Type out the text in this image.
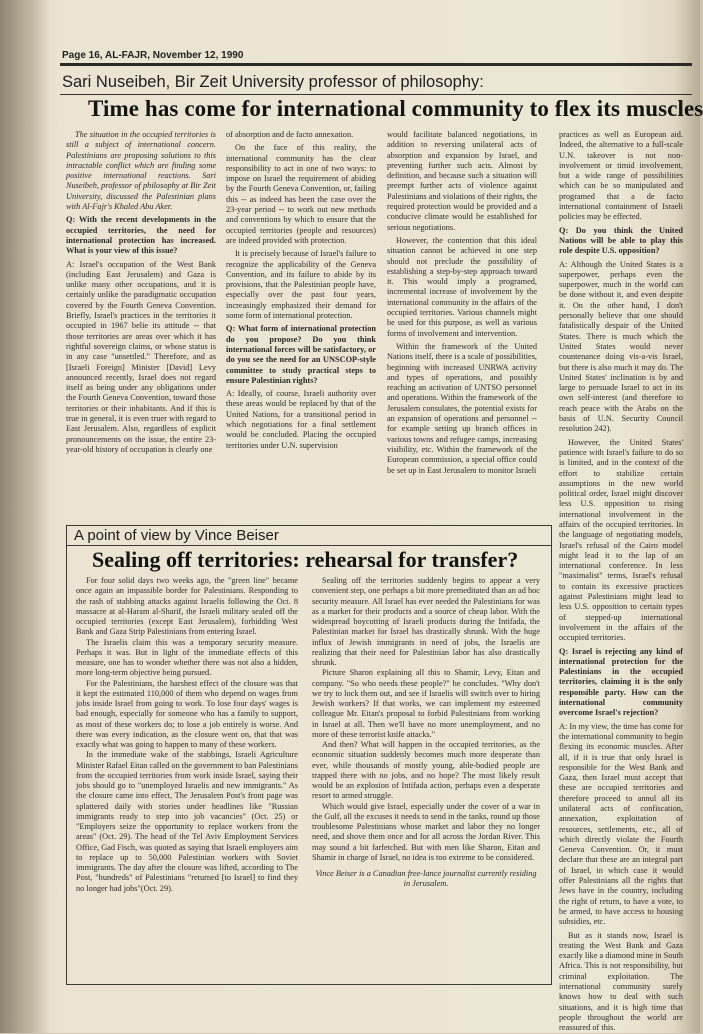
Page 16, AL-FAJR, November 12, 1990
Sari Nuseibeh, Bir Zeit University professor of philosophy:
Time has come for international community to flex its muscles

The situation in the occupied territories is still a subject of international concern. Palestinians are proposing solutions to this intractable conflict which are finding some positive international reactions. Sari Nuseibeh, professor of philosophy at Bir Zeit University, discussed the Palestinian plans with Al-Fajr's Khaled Abu Aker.

Q: With the recent developments in the occupied territories, the need for international protection has increased. What is your view of this issue?

A: Israel's occupation of the West Bank (including East Jerusalem) and Gaza is unlike many other occupations, and it is certainly unlike the paradigmatic occupation covered by the Fourth Geneva Convention. Briefly, Israel's practices in the territories it occupied in 1967 belie its attitude -- that those territories are areas over which it has rightful sovereign claims, or whose status is in any case "unsettled." Therefore, and as [Israeli Foreign] Minister [David] Levy announced recently, Israel does not regard itself as being under any obligations under the Fourth Geneva Convention, toward those territories or their inhabitants. And if this is true in general, it is even truer with regard to East Jerusalem. Also, regardless of explicit pronouncements on the issue, the entire 23-year-old history of occupation is clearly one

of absorption and de facto annexation.

On the face of this reality, the international community has the clear responsibility to act in one of two ways: to impose on Israel the requirement of abiding by the Fourth Geneva Convention, or, failing this -- as indeed has been the case over the 23-year period -- to work out new methods and conventions by which to ensure that the occupied territories (people and resources) are indeed provided with protection.

It is precisely because of Israel's failure to recognize the applicability of the Geneva Convention, and its failure to abide by its provisions, that the Palestinian people have, especially over the past four years, increasingly emphasized their demand for some form of international protection.

Q: What form of international protection do you propose? Do you think international forces will be satisfactory, or do you see the need for an UNSCOP-style committee to study practical steps to ensure Palestinian rights?

A: Ideally, of course, Israeli authority over these areas would be replaced by that of the United Nations, for a transitional period in which negotiations for a final settlement would be concluded. Placing the occupied territories under U.N. supervision

would facilitate balanced negotiations, in addition to reversing unilateral acts of absorption and expansion by Israel, and preventing further such acts. Almost by definition, and because such a situation will preempt further acts of violence against Palestinians and violations of their rights, the required protection would be provided and a conducive climate would be established for serious negotiations.

However, the contention that this ideal situation cannot be achieved in one step should not preclude the possibility of establishing a step-by-step approach toward it. This would imply a programed, incremental increase of involvement by the international community in the affairs of the occupied territories. Various channels might be used for this purpose, as well as various forms of involvement and intervention.

Within the framework of the United Nations itself, there is a scale of possibilities, beginning with increased UNRWA activity and types of operations, and possibly reaching an activation of UNTSO personnel and operations. Within the framework of the Jerusalem consulates, the potential exists for an expansion of operations and personnel -- for example setting up branch offices in various towns and refugee camps, increasing visibility, etc. Within the framework of the European commission, a special office could be set up in East Jerusalem to monitor Israeli

practices as well as European aid. Indeed, the alternative to a full-scale U.N. takeover is not non-involvement or timid involvement, but a wide range of possibilities which can be so manipulated and programed that a de facto international containment of Israeli policies may be effected.

Q: Do you think the United Nations will be able to play this role despite U.S. opposition?

A: Although the United States is a superpower, perhaps even the superpower, much in the world can be done without it, and even despite it. On the other hand, I don't personally believe that one should fatalistically despair of the United States. There is much which the United States would never countenance doing vis-a-vis Israel, but there is also much it may do. The United States' inclination is by and large to persuade Israel to act in its own self-interest (and therefore to reach peace with the Arabs on the basis of U.N. Security Council resolution 242).

However, the United States' patience with Israel's failure to do so is limited, and in the context of the effort to stabilize certain assumptions in the new world political order, Israel might discover less U.S. opposition to rising international involvement in the affairs of the occupied territories. In the language of negotiating models, Israel's refusal of the Cairo model might lead it to the lap of an international conference. In less "maximalist" terms, Israel's refusal to contain its excessive practices against Palestinians might lead to less U.S. opposition to certain types of stepped-up international involvement in the affairs of the occupied territories.

Q: Israel is rejecting any kind of international protection for the Palestinians in the occupied territories, claiming it is the only responsible party. How can the international community overcome Israel's rejection?

A: In my view, the time has come for the international community to begin flexing its economic muscles. After all, if it is true that only Israel is responsible for the West Bank and Gaza, then Israel must accept that these are occupied territories and therefore proceed to annul all its unilateral acts of confiscation, annexation, exploitation of resources, settlements, etc., all of which directly violate the Fourth Geneva Convention. Or, it must declare that these are an integral part of Israel, in which case it would offer Palestinians all the rights that Jews have in the country, including the right of return, to have a vote, to be armed, to have access to housing subsidies, etc.

But as it stands now, Israel is treating the West Bank and Gaza exactly like a diamond mine in South Africa. This is not responsibility, but criminal exploitation. The international community surely knows how to deal with such situations, and it is high time that people throughout the world are reassured of this.

A point of view by Vince Beiser
Sealing off territories: rehearsal for transfer?

For four solid days two weeks ago, the "green line" became once again an impassible border for Palestinians. Responding to the rash of stabbing attacks against Israelis following the Oct. 8 massacre at al-Haram al-Sharif, the Israeli military sealed off the occupied territories (except East Jerusalem), forbidding West Bank and Gaza Strip Palestinians from entering Israel.

The Israelis claim this was a temporary security measure. Perhaps it was. But in light of the immediate effects of this measure, one has to wonder whether there was not also a hidden, more long-term objective being pursued.

For the Palestinians, the harshest effect of the closure was that it kept the estimated 110,000 of them who depend on wages from jobs inside Israel from going to work. To lose four days' wages is bad enough, especially for someone who has a family to support, as most of these workers do; to lose a job entirely is worse. And there was every indication, as the closure went on, that that was exactly what was going to happen to many of these workers.

In the immediate wake of the stabbings, Israeli Agriculture Minister Rafael Eitan called on the government to ban Palestinians from the occupied territories from work inside Israel, saying their jobs should go to "unemployed Israelis and new immigrants." As the closure came into effect, The Jerusalem Post's front page was splattered daily with stories under headlines like "Russian immigrants ready to step into job vacancies" (Oct. 25) or "Employers seize the opportunity to replace workers from the areas" (Oct. 29). The head of the Tel Aviv Employment Services Office, Gad Fisch, was quoted as saying that Israeli employers aim to replace up to 50,000 Palestinian workers with Soviet immigrants. The day after the closure was lifted, according to The Post, "hundreds" of Palestinians "returned [to Israel] to find they no longer had jobs"(Oct. 29).

Sealing off the territories suddenly begins to appear a very convenient step, one perhaps a bit more premeditated than an ad hoc security measure. All Israel has ever needed the Palestinians for was as a market for their products and a source of cheap labor. With the widespread boycotting of Israeli products during the Intifada, the Palestinian market for Israel has drastically shrunk. With the huge influx of Jewish immigrants in need of jobs, the Israelis are realizing that their need for Palestinian labor has also drastically shrunk.

Picture Sharon explaining all this to Shamir, Levy, Eitan and company. "So who needs these people?" he concludes. "Why don't we try to lock them out, and see if Israelis will switch over to hiring Jewish workers? If that works, we can implement my esteemed colleague Mr. Eitan's proposal to forbid Palestinians from working in Israel at all. Then we'll have no more unemployment, and no more of these terrorist knife attacks."

And then? What will happen in the occupied territories, as the economic situation suddenly becomes much more desperate than ever, while thousands of mostly young, able-bodied people are trapped there with no jobs, and no hope? The most likely result would be an explosion of Intifada action, perhaps even a desperate resort to armed struggle.

Which would give Israel, especially under the cover of a war in the Gulf, all the excuses it needs to send in the tanks, round up those troublesome Palestinians whose market and labor they no longer need, and shove them once and for all across the Jordan River. This may sound a bit farfetched. But with men like Sharon, Eitan and Shamir in charge of Israel, no idea is too extreme to be considered.

Vince Beiser is a Canadian free-lance journalist currently residing in Jerusalem.
